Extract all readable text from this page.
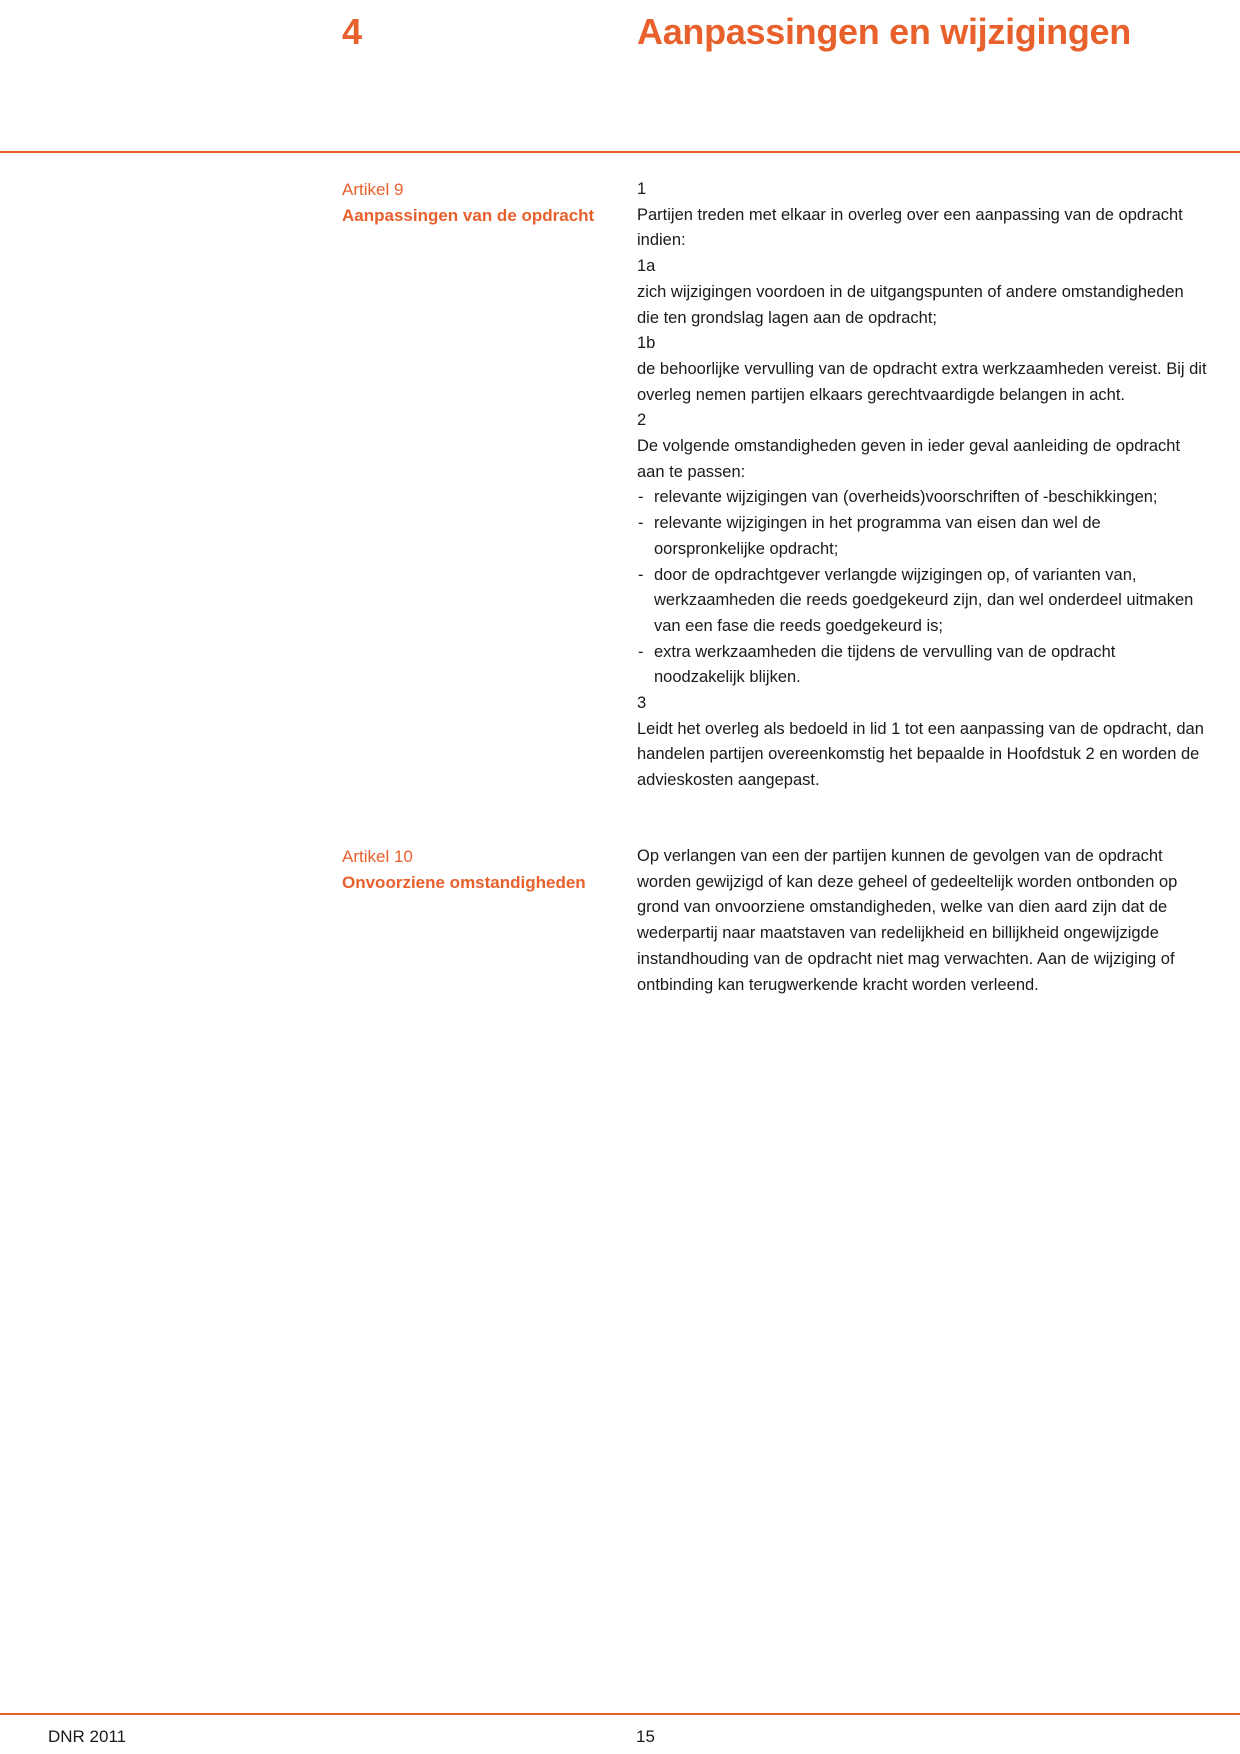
4	Aanpassingen en wijzigingen
Artikel 9
Aanpassingen van de opdracht

1

Partijen treden met elkaar in overleg over een aanpassing van de opdracht indien:

1a

zich wijzigingen voordoen in de uitgangspunten of andere omstandigheden die ten grondslag lagen aan de opdracht;

1b

de behoorlijke vervulling van de opdracht extra werkzaamheden vereist. Bij dit overleg nemen partijen elkaars gerechtvaardigde belangen in acht.

2

De volgende omstandigheden geven in ieder geval aanleiding de opdracht aan te passen:

- relevante wijzigingen van (overheids)voorschriften of -beschikkingen;
- relevante wijzigingen in het programma van eisen dan wel de oorspronkelijke opdracht;
- door de opdrachtgever verlangde wijzigingen op, of varianten van, werkzaamheden die reeds goedgekeurd zijn, dan wel onderdeel uitmaken van een fase die reeds goedgekeurd is;
- extra werkzaamheden die tijdens de vervulling van de opdracht noodzakelijk blijken.

3

Leidt het overleg als bedoeld in lid 1 tot een aanpassing van de opdracht, dan handelen partijen overeenkomstig het bepaalde in Hoofdstuk 2 en worden de advieskosten aangepast.

Artikel 10
Onvoorziene omstandigheden

Op verlangen van een der partijen kunnen de gevolgen van de opdracht worden gewijzigd of kan deze geheel of gedeeltelijk worden ontbonden op grond van onvoorziene omstandigheden, welke van dien aard zijn dat de wederpartij naar maatstaven van redelijkheid en billijkheid ongewijzigde instandhouding van de opdracht niet mag verwachten. Aan de wijziging of ontbinding kan terugwerkende kracht worden verleend.

DNR 2011	15
